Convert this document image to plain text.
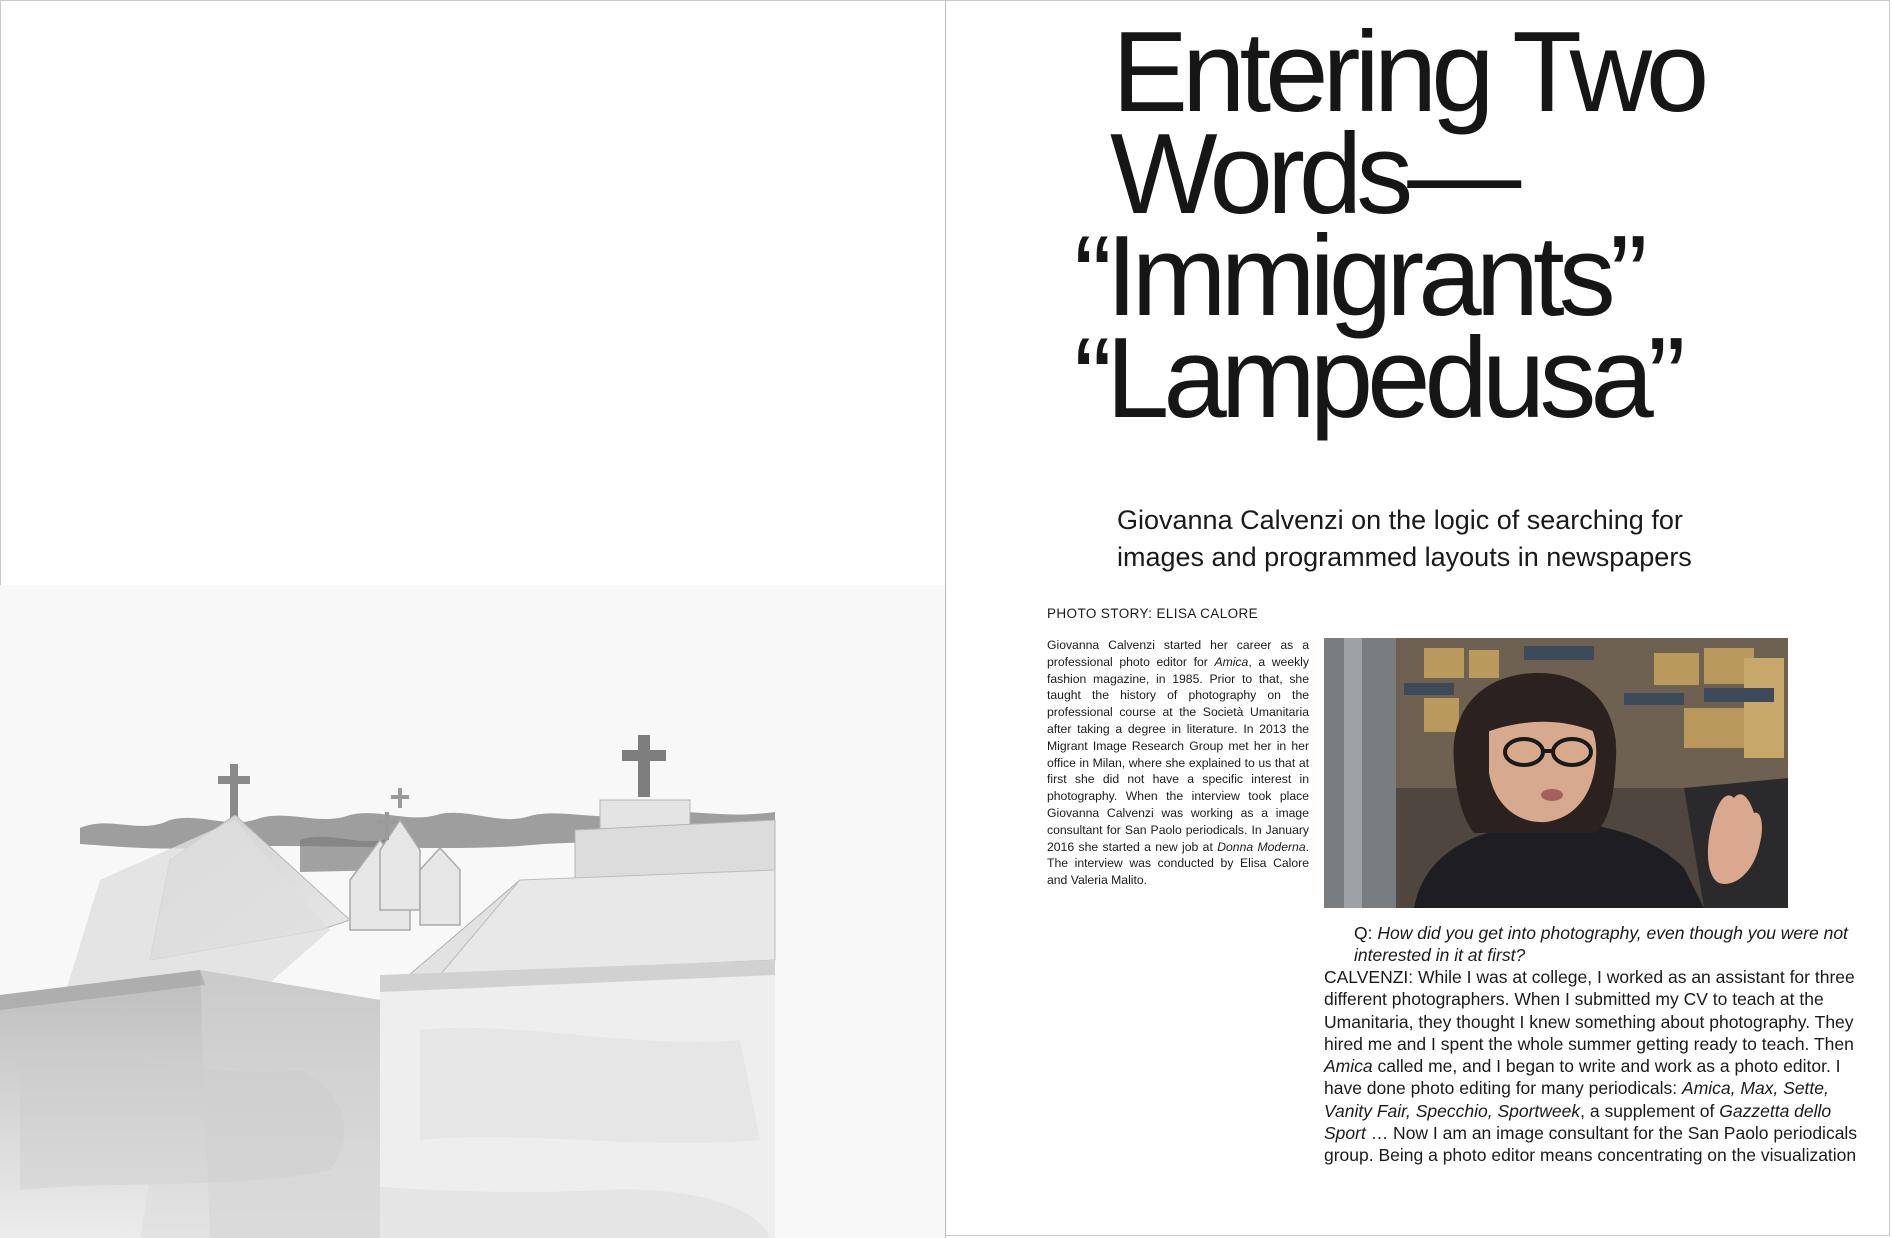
Entering Two
Words—
“Immigrants”
“Lampedusa”

Giovanna Calvenzi on the logic of searching for images and programmed layouts in newspapers

PHOTO STORY: ELISA CALORE

Giovanna Calvenzi started her career as a professional photo editor for Amica, a weekly fashion magazine, in 1985. Prior to that, she taught the history of photography on the professional course at the Società Umanitaria after taking a degree in literature. In 2013 the Migrant Image Research Group met her in her office in Milan, where she explained to us that at first she did not have a specific interest in photography. When the interview took place Giovanna Calvenzi was working as a image consultant for San Paolo periodicals. In January 2016 she started a new job at Donna Moderna. The interview was conducted by Elisa Calore and Valeria Malito.

Q: How did you get into photography, even though you were not interested in it at first?

CALVENZI: While I was at college, I worked as an assistant for three different photographers. When I submitted my CV to teach at the Umanitaria, they thought I knew something about photography. They hired me and I spent the whole summer getting ready to teach. Then Amica called me, and I began to write and work as a photo editor. I have done photo editing for many periodicals: Amica, Max, Sette, Vanity Fair, Specchio, Sportweek, a supplement of Gazzetta dello Sport … Now I am an image consultant for the San Paolo periodicals group. Being a photo editor means concentrating on the visualization
